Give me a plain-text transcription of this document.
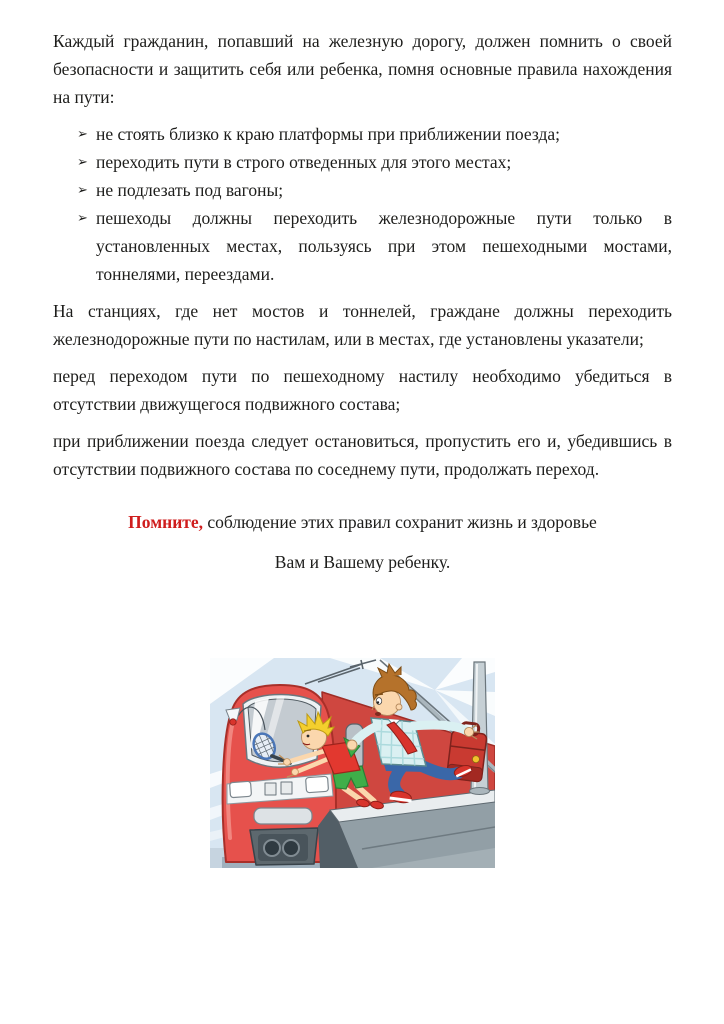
Каждый гражданин, попавший на железную дорогу, должен помнить о своей безопасности и защитить себя или ребенка, помня основные правила нахождения на пути:

➢ не стоять близко к краю платформы при приближении поезда;
➢ переходить пути в строго отведенных для этого местах;
➢ не подлезать под вагоны;
➢ пешеходы должны переходить железнодорожные пути только в установленных местах, пользуясь при этом пешеходными мостами, тоннелями, переездами.

На станциях, где нет мостов и тоннелей, граждане должны переходить железнодорожные пути по настилам, или в местах, где установлены указатели;

перед переходом пути по пешеходному настилу необходимо убедиться в отсутствии движущегося подвижного состава;

при приближении поезда следует остановиться, пропустить его и, убедившись в отсутствии подвижного состава по соседнему пути, продолжать переход.

Помните, соблюдение этих правил сохранит жизнь и здоровье

Вам и Вашему ребенку.
